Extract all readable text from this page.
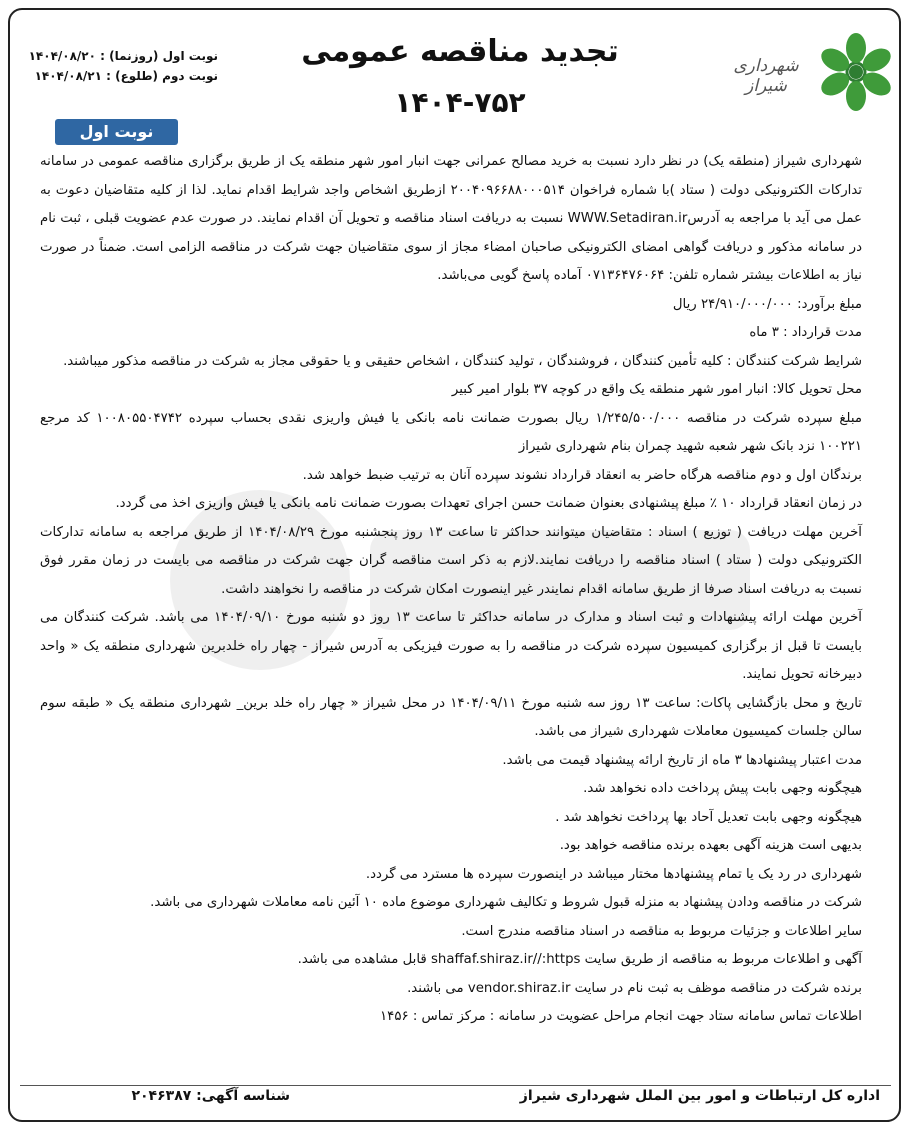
شهرداری شیراز
تجدید مناقصه عمومی
۱۴۰۴-۷۵۲
نوبت اول (روزنما) : ۱۴۰۴/۰۸/۲۰
نوبت دوم (طلوع) : ۱۴۰۴/۰۸/۲۱
نوبت اول

شهرداری شیراز (منطقه یک) در نظر دارد نسبت به خرید مصالح عمرانی جهت انبار امور شهر منطقه یک از طریق برگزاری مناقصه عمومی در سامانه تدارکات الکترونیکی دولت ( ستاد )با شماره فراخوان ۲۰۰۴۰۹۶۶۸۸۰۰۰۵۱۴ ازطریق اشخاص واجد شرایط اقدام نماید. لذا از کلیه متقاضیان دعوت به عمل می آید با مراجعه به آدرسWWW.Setadiran.ir نسبت به دریافت اسناد مناقصه و تحویل آن اقدام نمایند. در صورت عدم عضویت قبلی ، ثبت نام در سامانه مذکور و دریافت گواهی امضای الکترونیکی صاحبان امضاء مجاز از سوی متقاضیان جهت شرکت در مناقصه الزامی است. ضمناً در صورت نیاز به اطلاعات بیشتر شماره تلفن: ۰۷۱۳۶۴۷۶۰۶۴ آماده پاسخ گویی می‌باشد.

مبلغ برآورد: ۲۴/۹۱۰/۰۰۰/۰۰۰ ریال

مدت قرارداد : ۳ ماه

شرایط شرکت کنندگان : کلیه تأمین کنندگان ، فروشندگان ، تولید کنندگان ، اشخاص حقیقی و یا حقوقی مجاز به شرکت در مناقصه مذکور میباشند.

محل تحویل کالا: انبار امور شهر منطقه یک واقع در کوچه ۳۷ بلوار امیر کبیر

مبلغ سپرده شرکت در مناقصه ۱/۲۴۵/۵۰۰/۰۰۰ ریال بصورت ضمانت نامه بانکی یا فیش واریزی نقدی بحساب سپرده ۱۰۰۸۰۵۵۰۴۷۴۲ کد مرجع ۱۰۰۲۲۱ نزد بانک شهر شعبه شهید چمران بنام شهرداری شیراز

برندگان اول و دوم مناقصه هرگاه حاضر به انعقاد قرارداد نشوند سپرده آنان به ترتیب ضبط خواهد شد.

در زمان انعقاد قرارداد ۱۰ ٪ مبلغ پیشنهادی بعنوان ضمانت حسن اجرای تعهدات بصورت ضمانت نامه بانکی یا فیش واریزی اخذ می گردد.

آخرین مهلت دریافت ( توزیع ) اسناد : متقاضیان میتوانند حداکثر تا ساعت ۱۳ روز پنجشنبه مورخ ۱۴۰۴/۰۸/۲۹ از طریق مراجعه به سامانه تدارکات الکترونیکی دولت ( ستاد ) اسناد مناقصه را دریافت نمایند.لازم به ذکر است مناقصه گران جهت شرکت در مناقصه می بایست در زمان مقرر فوق نسبت به دریافت اسناد صرفا از طریق سامانه اقدام نمایندر غیر اینصورت امکان شرکت در مناقصه را نخواهند داشت.

آخرین مهلت ارائه پیشنهادات و ثبت اسناد و مدارک در سامانه حداکثر تا ساعت ۱۳ روز دو شنبه مورخ ۱۴۰۴/۰۹/۱۰ می باشد. شرکت کنندگان می بایست تا قبل از برگزاری کمیسیون سپرده شرکت در مناقصه را به صورت فیزیکی به آدرس شیراز - چهار راه خلدبرین شهرداری منطقه یک « واحد دبیرخانه تحویل نمایند.

تاریخ و محل بازگشایی پاکات: ساعت ۱۳ روز سه شنبه مورخ ۱۴۰۴/۰۹/۱۱ در محل شیراز « چهار راه خلد برین_ شهرداری منطقه یک « طبقه سوم سالن جلسات کمیسیون معاملات شهرداری شیراز می باشد.

مدت اعتبار پیشنهادها ۳ ماه از تاریخ ارائه پیشنهاد قیمت می باشد.

هیچگونه وجهی بابت پیش پرداخت داده نخواهد شد.

هیچگونه وجهی بابت تعدیل آحاد بها پرداخت نخواهد شد .

بدیهی است هزینه آگهی بعهده برنده مناقصه خواهد بود.

شهرداری در رد یک یا تمام پیشنهادها مختار میباشد در اینصورت سپرده ها مسترد می گردد.

شرکت در مناقصه ودادن پیشنهاد به منزله قبول شروط و تکالیف شهرداری موضوع ماده ۱۰ آئین نامه معاملات شهرداری می باشد.

سایر اطلاعات و جزئیات مربوط به مناقصه در اسناد مناقصه مندرج است.

آگهی و اطلاعات مربوط به مناقصه از طریق سایت shaffaf.shiraz.ir//:https قابل مشاهده می باشد.

برنده شرکت در مناقصه موظف به ثبت نام در سایت vendor.shiraz.ir می باشند.

اطلاعات تماس سامانه ستاد جهت انجام مراحل عضویت در سامانه : مرکز تماس : ۱۴۵۶

اداره کل ارتباطات و امور بین الملل شهرداری شیراز
شناسه آگهی: ۲۰۴۶۳۸۷
